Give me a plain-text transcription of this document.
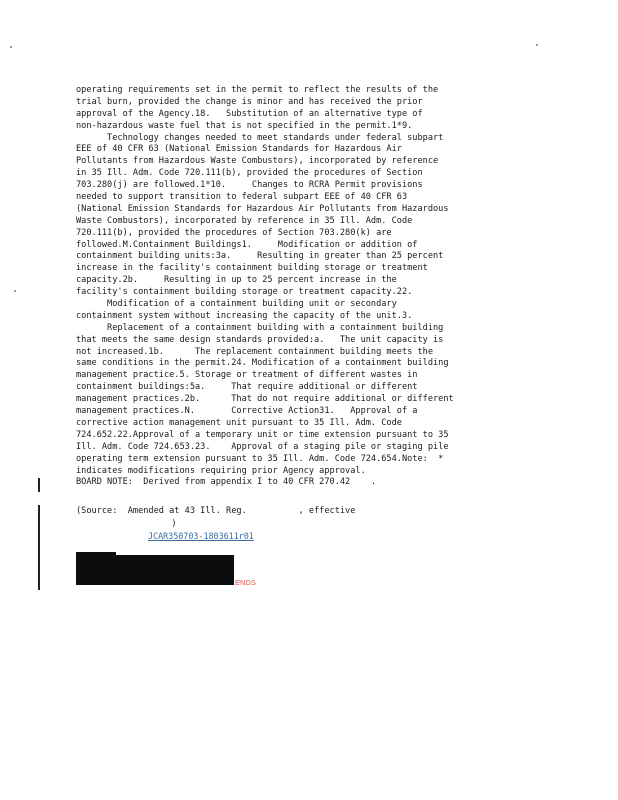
operating requirements set in the permit to reflect the results of the
trial burn, provided the change is minor and has received the prior
approval of the Agency.18.   Substitution of an alternative type of
non-hazardous waste fuel that is not specified in the permit.1*9.
Technology changes needed to meet standards under federal subpart
EEE of 40 CFR 63 (National Emission Standards for Hazardous Air
Pollutants from Hazardous Waste Combustors), incorporated by reference
in 35 Ill. Adm. Code 720.111(b), provided the procedures of Section
703.280(j) are followed.1*10.     Changes to RCRA Permit provisions
needed to support transition to federal subpart EEE of 40 CFR 63
(National Emission Standards for Hazardous Air Pollutants from Hazardous
Waste Combustors), incorporated by reference in 35 Ill. Adm. Code
720.111(b), provided the procedures of Section 703.280(k) are
followed.M.Containment Buildings1.     Modification or addition of
containment building units:3a.     Resulting in greater than 25 percent
increase in the facility's containment building storage or treatment
capacity.2b.     Resulting in up to 25 percent increase in the
facility's containment building storage or treatment capacity.22.
Modification of a containment building unit or secondary
containment system without increasing the capacity of the unit.3.
Replacement of a containment building with a containment building
that meets the same design standards provided:a.   The unit capacity is
not increased.1b.      The replacement containment building meets the
same conditions in the permit.24. Modification of a containment building
management practice.5. Storage or treatment of different wastes in
containment buildings:5a.     That require additional or different
management practices.2b.      That do not require additional or different
management practices.N.       Corrective Action31.   Approval of a
corrective action management unit pursuant to 35 Ill. Adm. Code
724.652.22.Approval of a temporary unit or time extension pursuant to 35
Ill. Adm. Code 724.653.23.    Approval of a staging pile or staging pile
operating term extension pursuant to 35 Ill. Adm. Code 724.654.Note:  *
indicates modifications requiring prior Agency approval.
BOARD NOTE:  Derived from appendix I to 40 CFR 270.42    .
(Source:  Amended at 43 Ill. Reg.          , effective
)
JCAR350703-1803611r01
ENDS
